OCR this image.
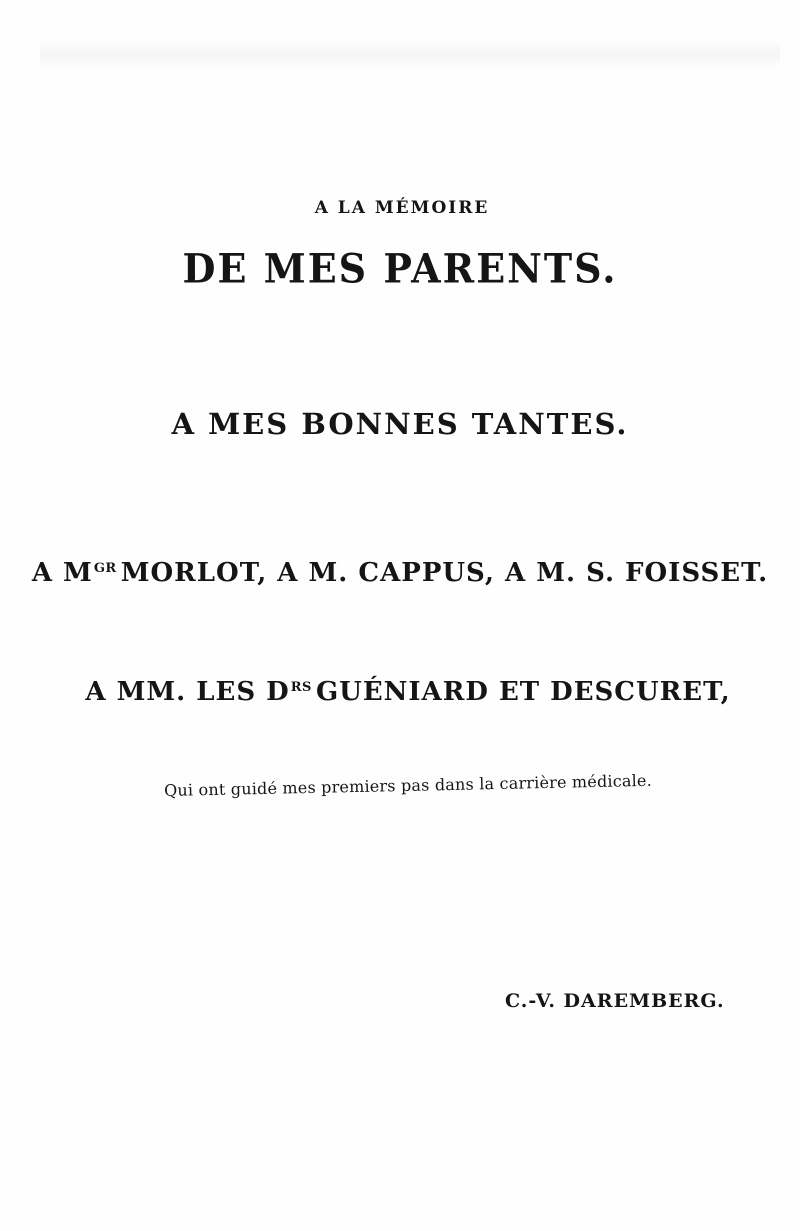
A LA MÉMOIRE
DE MES PARENTS.
A MES BONNES TANTES.
A $M^{GR}$ MORLOT, A M. CAPPUS, A M. S. FOISSET.
A MM. LES $D^{RS}$ GUÉNIARD ET DESCURET,
Qui ont guidé mes premiers pas dans la carrière médicale.
C.-V. DAREMBERG.
